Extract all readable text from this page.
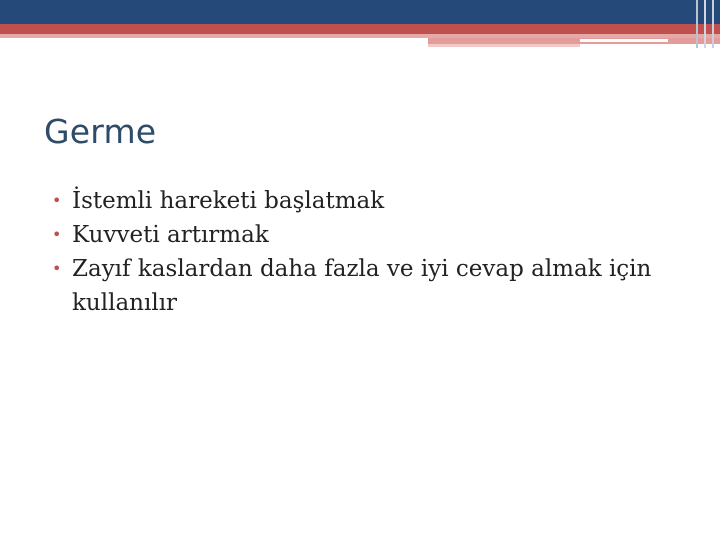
Germe
• İstemli hareketi başlatmak
• Kuvveti artırmak
• Zayıf kaslardan daha fazla ve iyi cevap almak için kullanılır
